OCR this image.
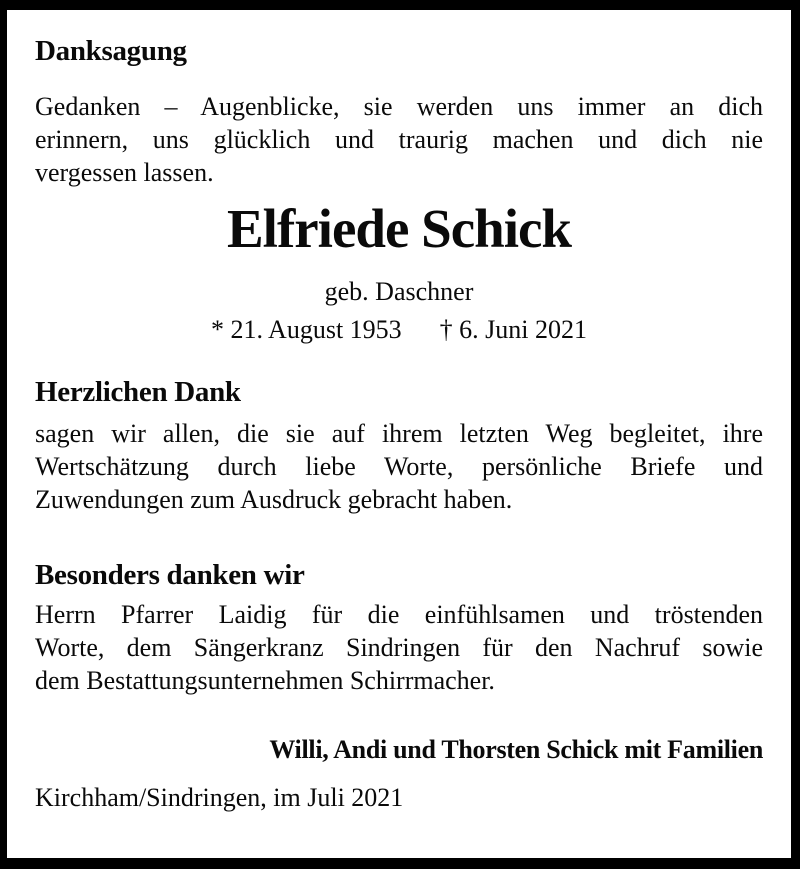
Danksagung
Gedanken – Augenblicke, sie werden uns immer an dich
erinnern, uns glücklich und traurig machen und dich nie
vergessen lassen.
Elfriede Schick
geb. Daschner
* 21. August 1953 † 6. Juni 2021
Herzlichen Dank
sagen wir allen, die sie auf ihrem letzten Weg begleitet, ihre
Wertschätzung durch liebe Worte, persönliche Briefe und
Zuwendungen zum Ausdruck gebracht haben.
Besonders danken wir
Herrn Pfarrer Laidig für die einfühlsamen und tröstenden
Worte, dem Sängerkranz Sindringen für den Nachruf sowie
dem Bestattungsunternehmen Schirrmacher.
Willi, Andi und Thorsten Schick mit Familien
Kirchham/Sindringen, im Juli 2021
